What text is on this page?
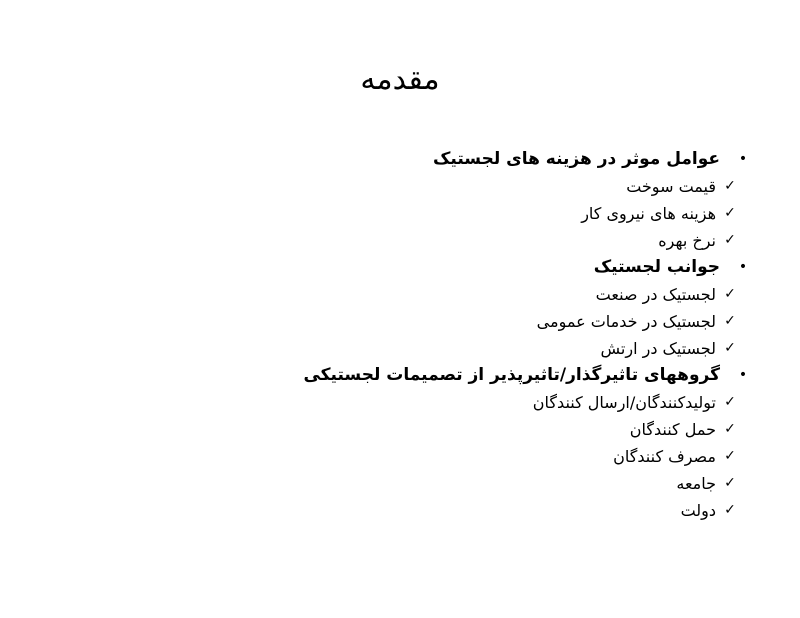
مقدمه
•
عوامل موثر در هزینه های لجستیک
✓
قیمت سوخت
✓
هزینه های نیروی کار
✓
نرخ بهره
•
جوانب لجستیک
✓
لجستیک در صنعت
✓
لجستیک در خدمات عمومی
✓
لجستیک در ارتش
•
گروههای تاثیرگذار/تاثیرپذیر از تصمیمات لجستیکی
✓
تولیدکنندگان/ارسال کنندگان
✓
حمل کنندگان
✓
مصرف کنندگان
✓
جامعه
✓
دولت
